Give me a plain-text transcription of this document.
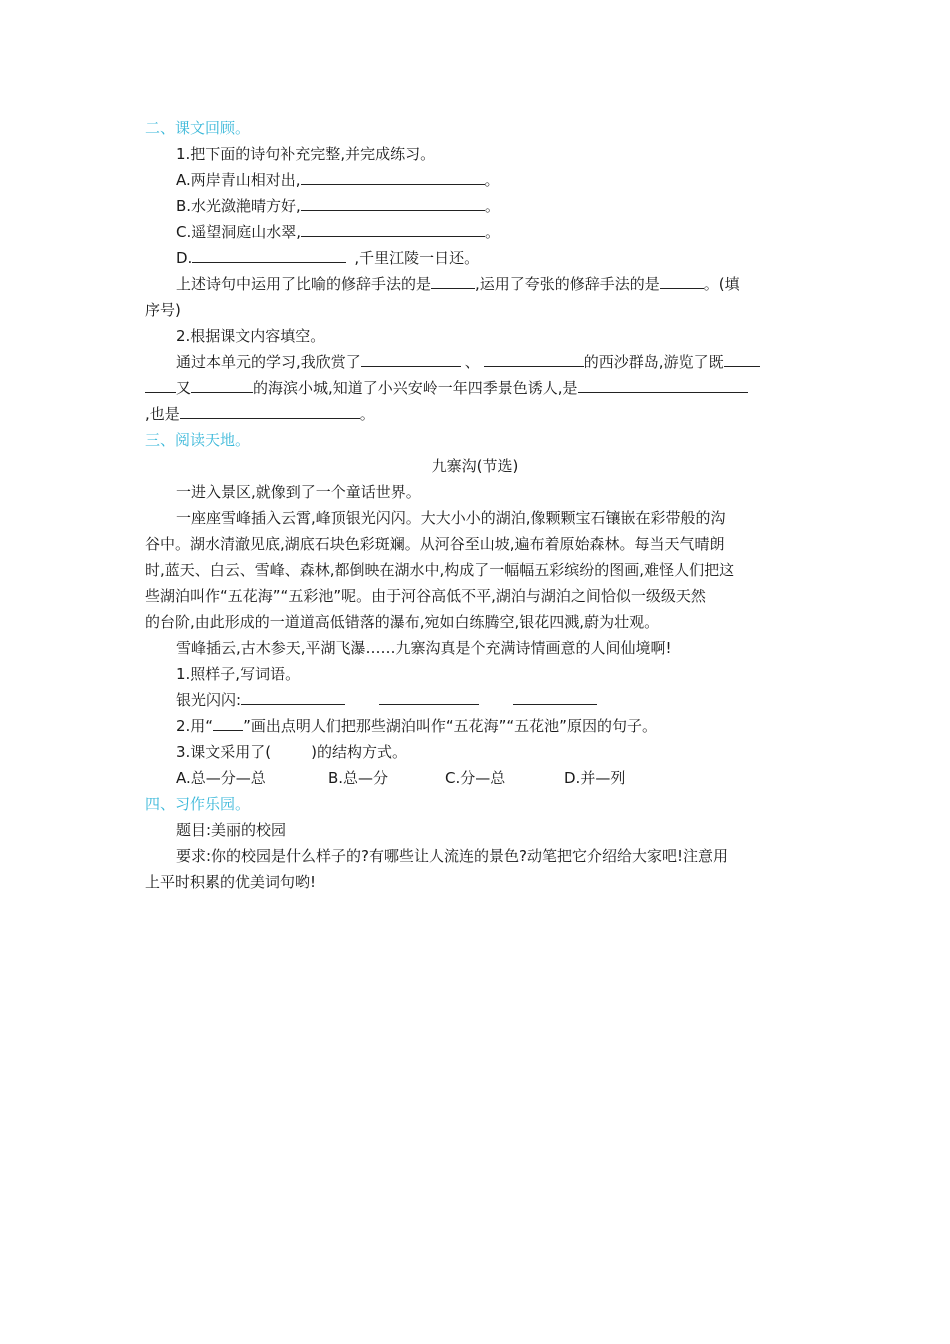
二、课文回顾。
1.把下面的诗句补充完整,并完成练习。
A.两岸青山相对出,	。
B.水光潋滟晴方好,	。
C.遥望洞庭山水翠,	。
D.	,千里江陵一日还。
上述诗句中运用了比喻的修辞手法的是	,运用了夸张的修辞手法的是	。(填
序号)
2.根据课文内容填空。
通过本单元的学习,我欣赏了	、	的西沙群岛,游览了既
又	的海滨小城,知道了小兴安岭一年四季景色诱人,是
,也是	。
三、阅读天地。
九寨沟(节选)
一进入景区,就像到了一个童话世界。
一座座雪峰插入云霄,峰顶银光闪闪。大大小小的湖泊,像颗颗宝石镶嵌在彩带般的沟
谷中。湖水清澈见底,湖底石块色彩斑斓。从河谷至山坡,遍布着原始森林。每当天气晴朗
时,蓝天、白云、雪峰、森林,都倒映在湖水中,构成了一幅幅五彩缤纷的图画,难怪人们把这
些湖泊叫作“五花海”“五彩池”呢。由于河谷高低不平,湖泊与湖泊之间恰似一级级天然
的台阶,由此形成的一道道高低错落的瀑布,宛如白练腾空,银花四溅,蔚为壮观。
雪峰插云,古木参天,平湖飞瀑……九寨沟真是个充满诗情画意的人间仙境啊!
1.照样子,写词语。
银光闪闪:
2.用“ ”画出点明人们把那些湖泊叫作“五花海”“五花池”原因的句子。
3.课文采用了(	)的结构方式。
A.总—分—总	B.总—分	C.分—总	D.并—列
四、习作乐园。
题目:美丽的校园
要求:你的校园是什么样子的?有哪些让人流连的景色?动笔把它介绍给大家吧!注意用
上平时积累的优美词句哟!
